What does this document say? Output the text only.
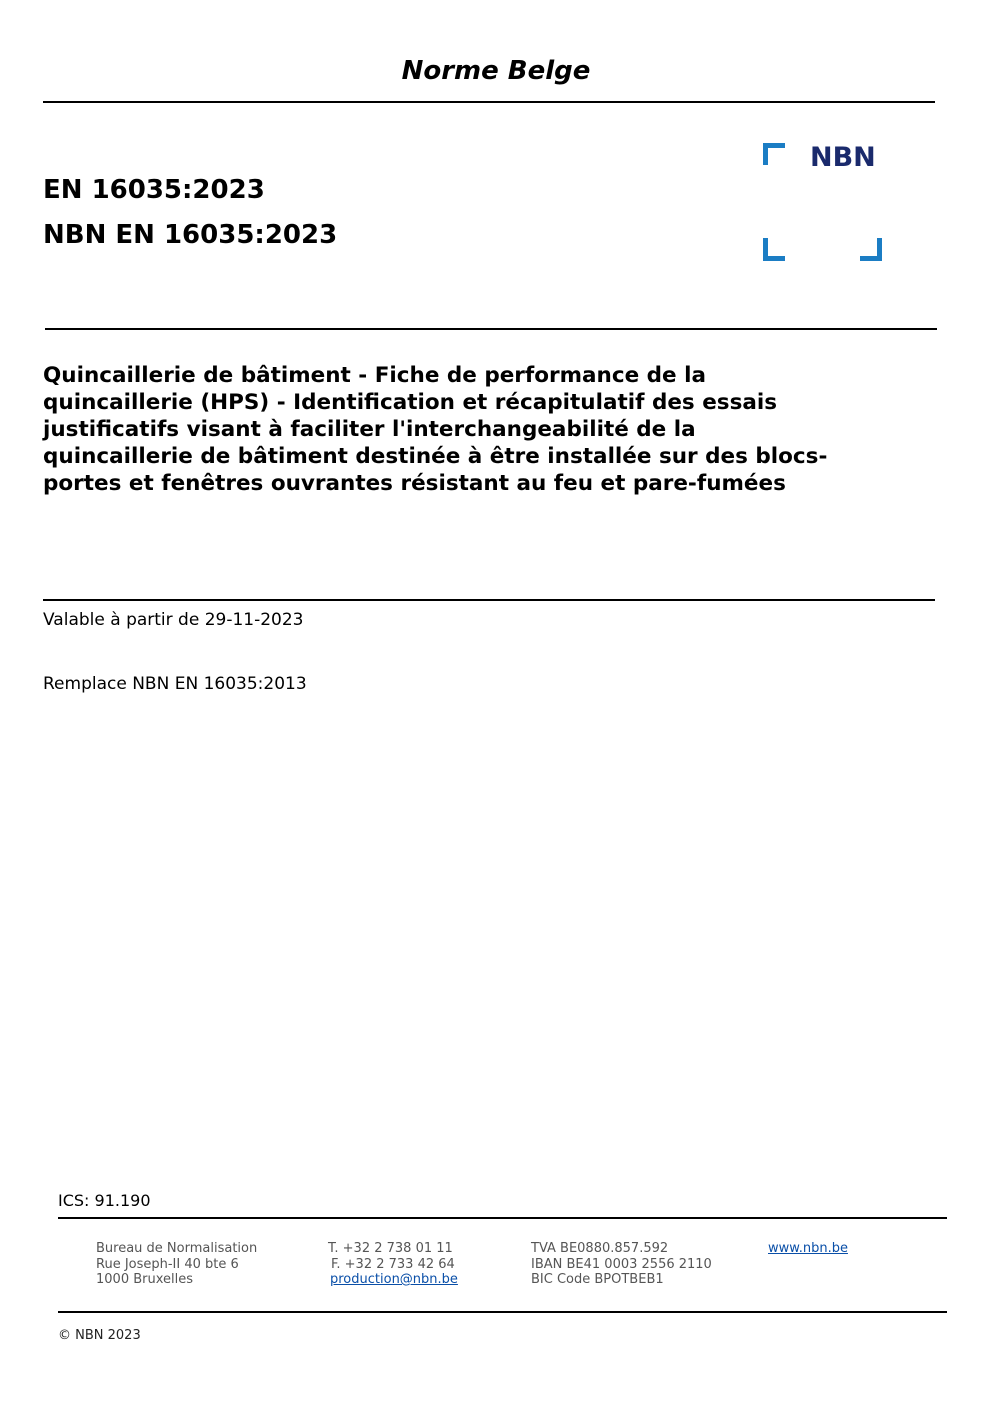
Norme Belge
EN 16035:2023
NBN EN 16035:2023
NBN
Quincaillerie de bâtiment - Fiche de performance de la quincaillerie (HPS) - Identification et récapitulatif des essais justificatifs visant à faciliter l'interchangeabilité de la quincaillerie de bâtiment destinée à être installée sur des blocs-portes et fenêtres ouvrantes résistant au feu et pare-fumées
Valable à partir de 29-11-2023
Remplace NBN EN 16035:2013
ICS: 91.190
Bureau de Normalisation
Rue Joseph-II 40 bte 6
1000 Bruxelles
T. +32 2 738 01 11
F. +32 2 733 42 64
production@nbn.be
TVA BE0880.857.592
IBAN BE41 0003 2556 2110
BIC Code BPOTBEB1
www.nbn.be
© NBN 2023
